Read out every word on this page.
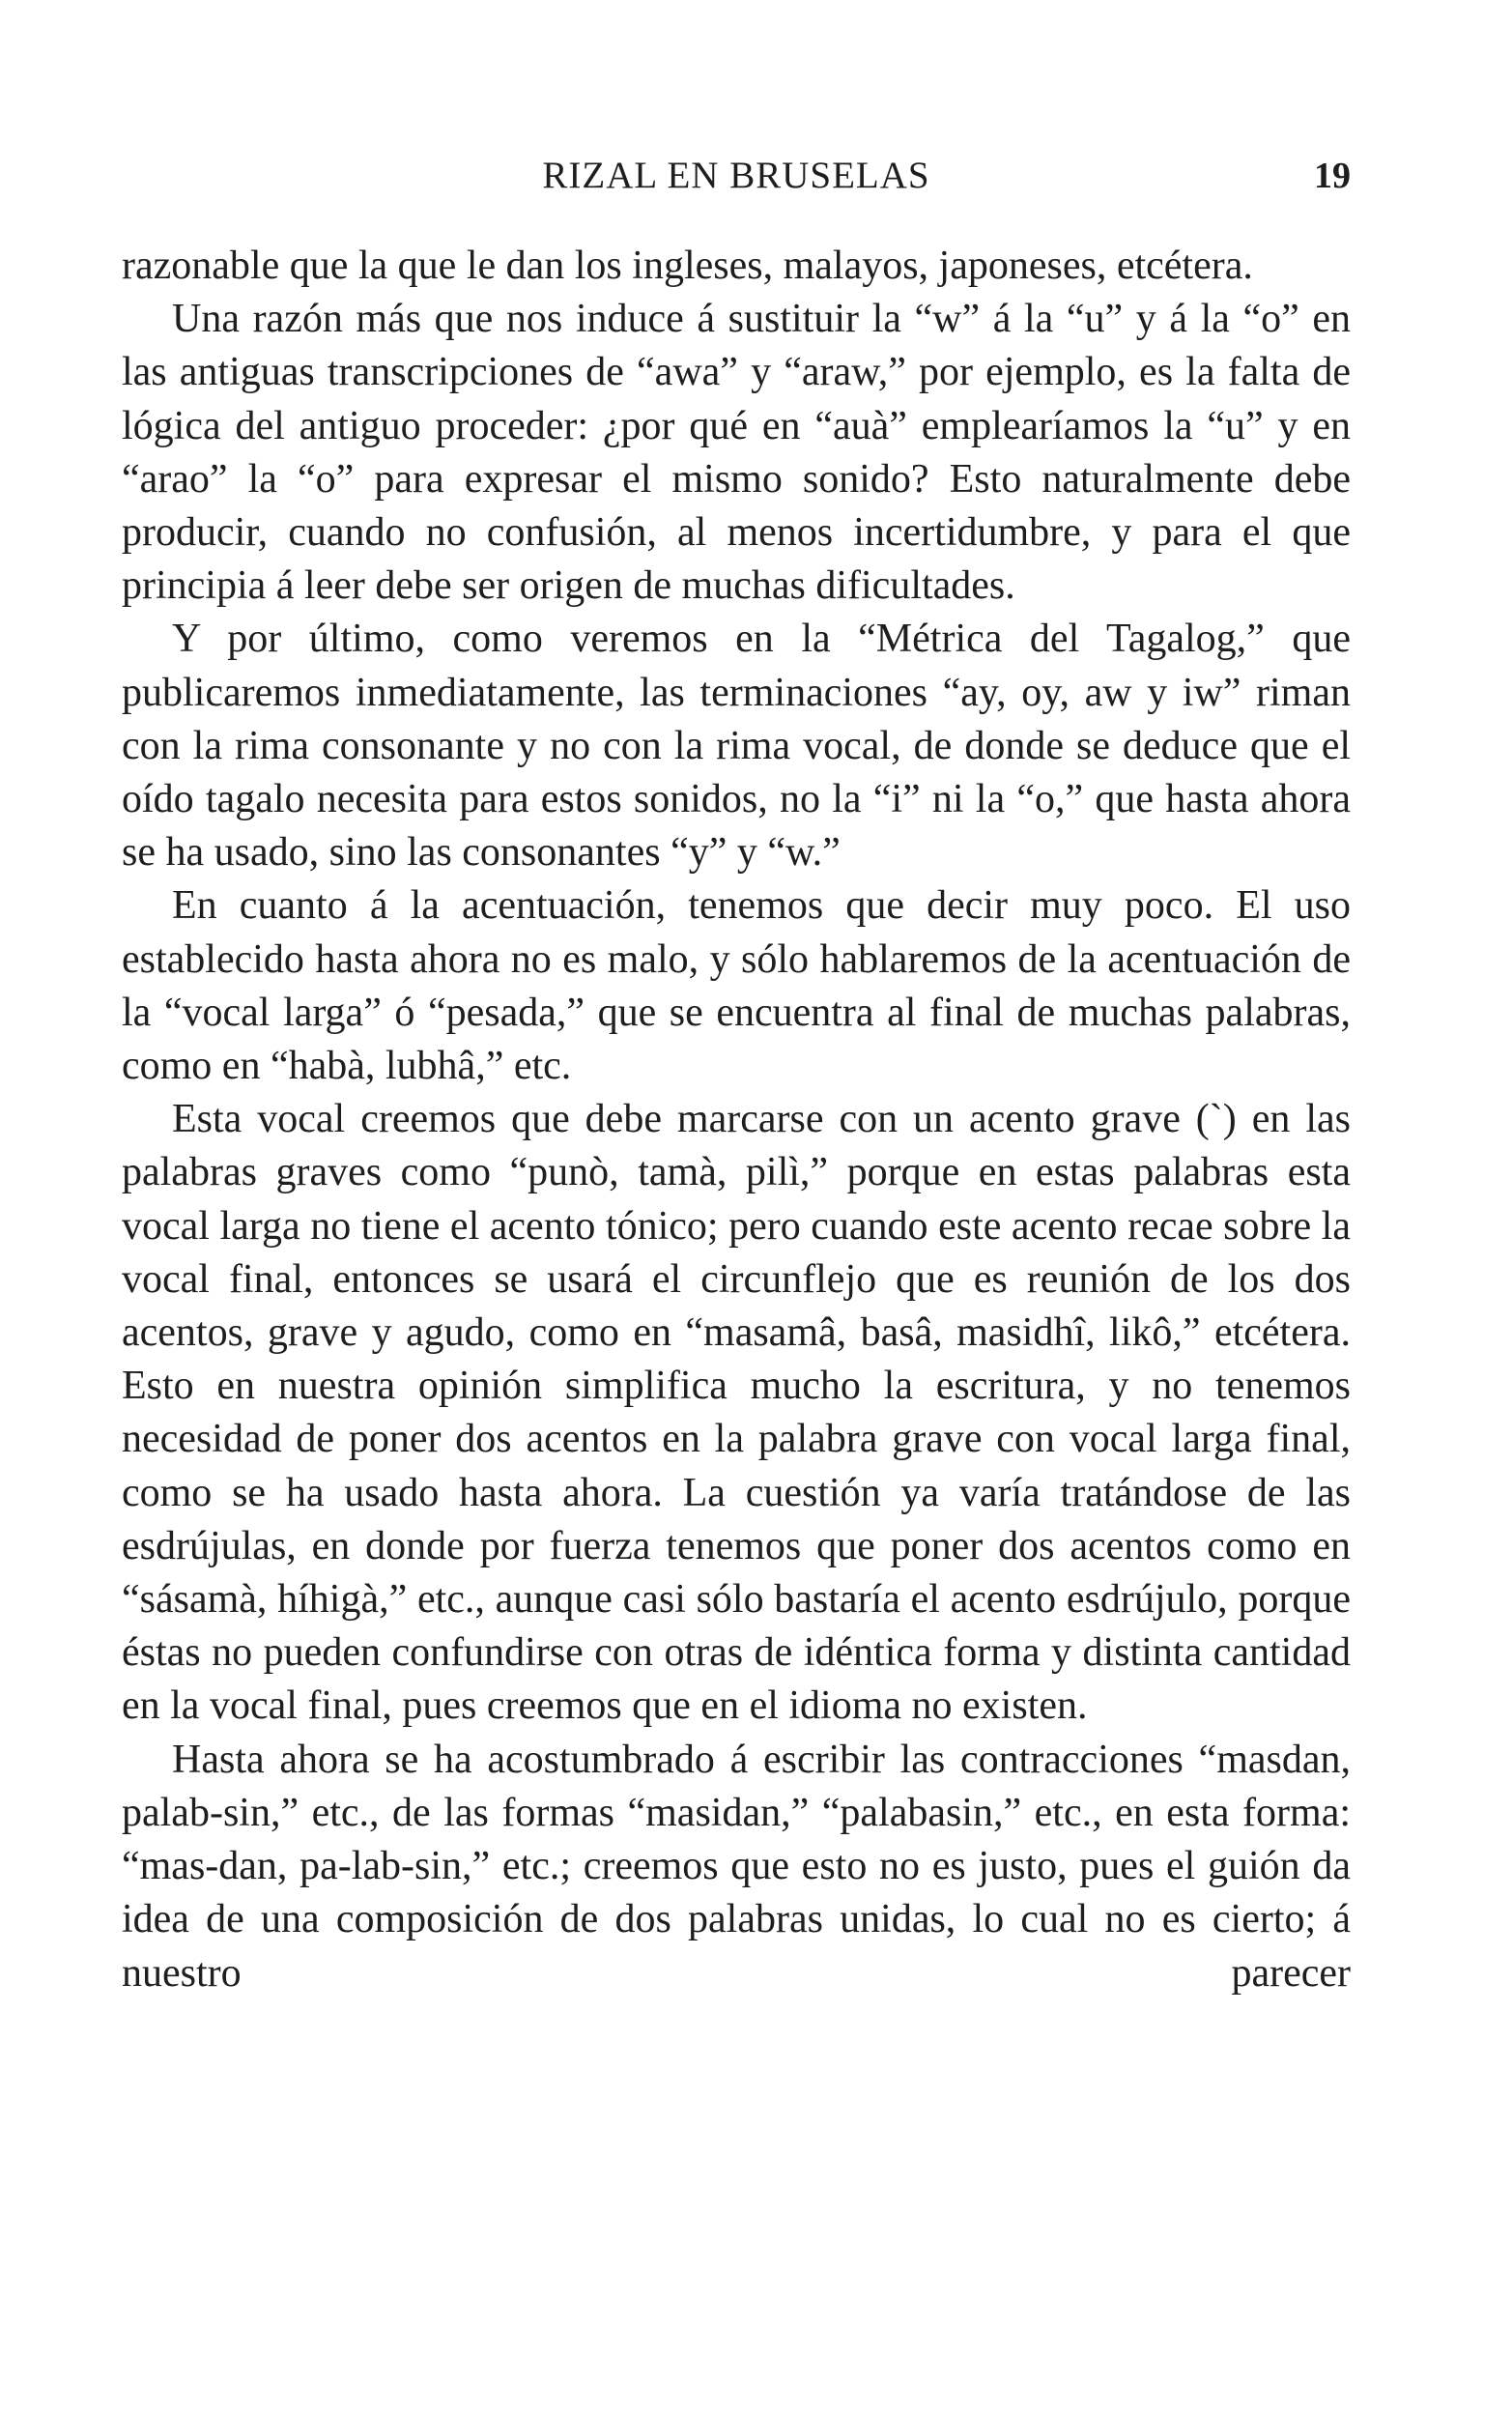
RIZAL EN BRUSELAS	19

razonable que la que le dan los ingleses, malayos, japoneses, etcétera.

Una razón más que nos induce á sustituir la “w” á la “u” y á la “o” en las antiguas transcripciones de “awa” y “araw,” por ejemplo, es la falta de lógica del antiguo proceder: ¿por qué en “auà” emplearíamos la “u” y en “arao” la “o” para expresar el mismo sonido? Esto naturalmente debe producir, cuando no confusión, al menos incertidumbre, y para el que principia á leer debe ser origen de muchas dificultades.

Y por último, como veremos en la “Métrica del Tagalog,” que publicaremos inmediatamente, las terminaciones “ay, oy, aw y iw” riman con la rima consonante y no con la rima vocal, de donde se deduce que el oído tagalo necesita para estos sonidos, no la “i” ni la “o,” que hasta ahora se ha usado, sino las consonantes “y” y “w.”

En cuanto á la acentuación, tenemos que decir muy poco. El uso establecido hasta ahora no es malo, y sólo hablaremos de la acentuación de la “vocal larga” ó “pesada,” que se encuentra al final de muchas palabras, como en “habà, lubhâ,” etc.

Esta vocal creemos que debe marcarse con un acento grave (`) en las palabras graves como “punò, tamà, pilì,” porque en estas palabras esta vocal larga no tiene el acento tónico; pero cuando este acento recae sobre la vocal final, entonces se usará el circunflejo que es reunión de los dos acentos, grave y agudo, como en “masamâ, basâ, masidhî, likô,” etcétera. Esto en nuestra opinión simplifica mucho la escritura, y no tenemos necesidad de poner dos acentos en la palabra grave con vocal larga final, como se ha usado hasta ahora. La cuestión ya varía tratándose de las esdrújulas, en donde por fuerza tenemos que poner dos acentos como en “sásamà, híhigà,” etc., aunque casi sólo bastaría el acento esdrújulo, porque éstas no pueden confundirse con otras de idéntica forma y distinta cantidad en la vocal final, pues creemos que en el idioma no existen.

Hasta ahora se ha acostumbrado á escribir las contracciones “masdan, palab-sin,” etc., de las formas “masidan,” “palabasin,” etc., en esta forma: “mas-dan, pa-lab-sin,” etc.; creemos que esto no es justo, pues el guión da idea de una composición de dos palabras unidas, lo cual no es cierto; á nuestro parecer
